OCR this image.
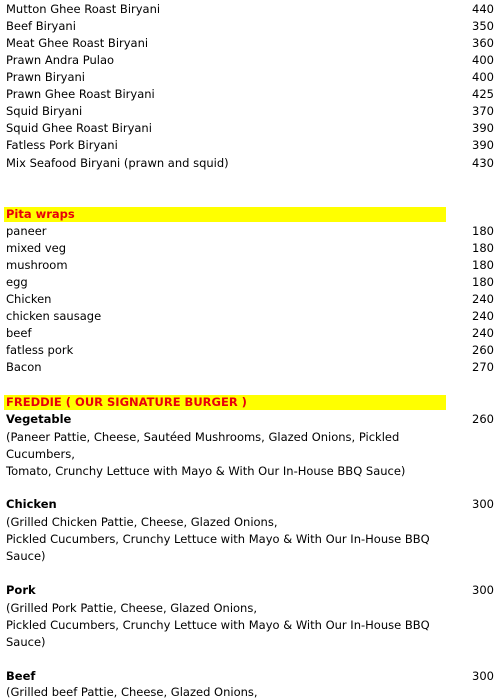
Mutton Ghee Roast Biryani	440
Beef Biryani	350
Meat Ghee Roast Biryani	360
Prawn Andra Pulao	400
Prawn Biryani	400
Prawn Ghee Roast Biryani	425
Squid Biryani	370
Squid Ghee Roast Biryani	390
Fatless Pork Biryani	390
Mix Seafood Biryani (prawn and squid)	430
Pita wraps
paneer	180
mixed veg	180
mushroom	180
egg	180
Chicken	240
chicken sausage	240
beef	240
fatless pork	260
Bacon	270
FREDDIE ( OUR SIGNATURE BURGER )
Vegetable	260
(Paneer Pattie, Cheese, Sautéed Mushrooms, Glazed Onions, Pickled
Cucumbers,
Tomato, Crunchy Lettuce with Mayo & With Our In-House BBQ Sauce)
Chicken	300
(Grilled Chicken Pattie, Cheese, Glazed Onions,
Pickled Cucumbers, Crunchy Lettuce with Mayo & With Our In-House BBQ
Sauce)
Pork	300
(Grilled Pork Pattie, Cheese, Glazed Onions,
Pickled Cucumbers, Crunchy Lettuce with Mayo & With Our In-House BBQ
Sauce)
Beef	300
(Grilled beef Pattie, Cheese, Glazed Onions,
